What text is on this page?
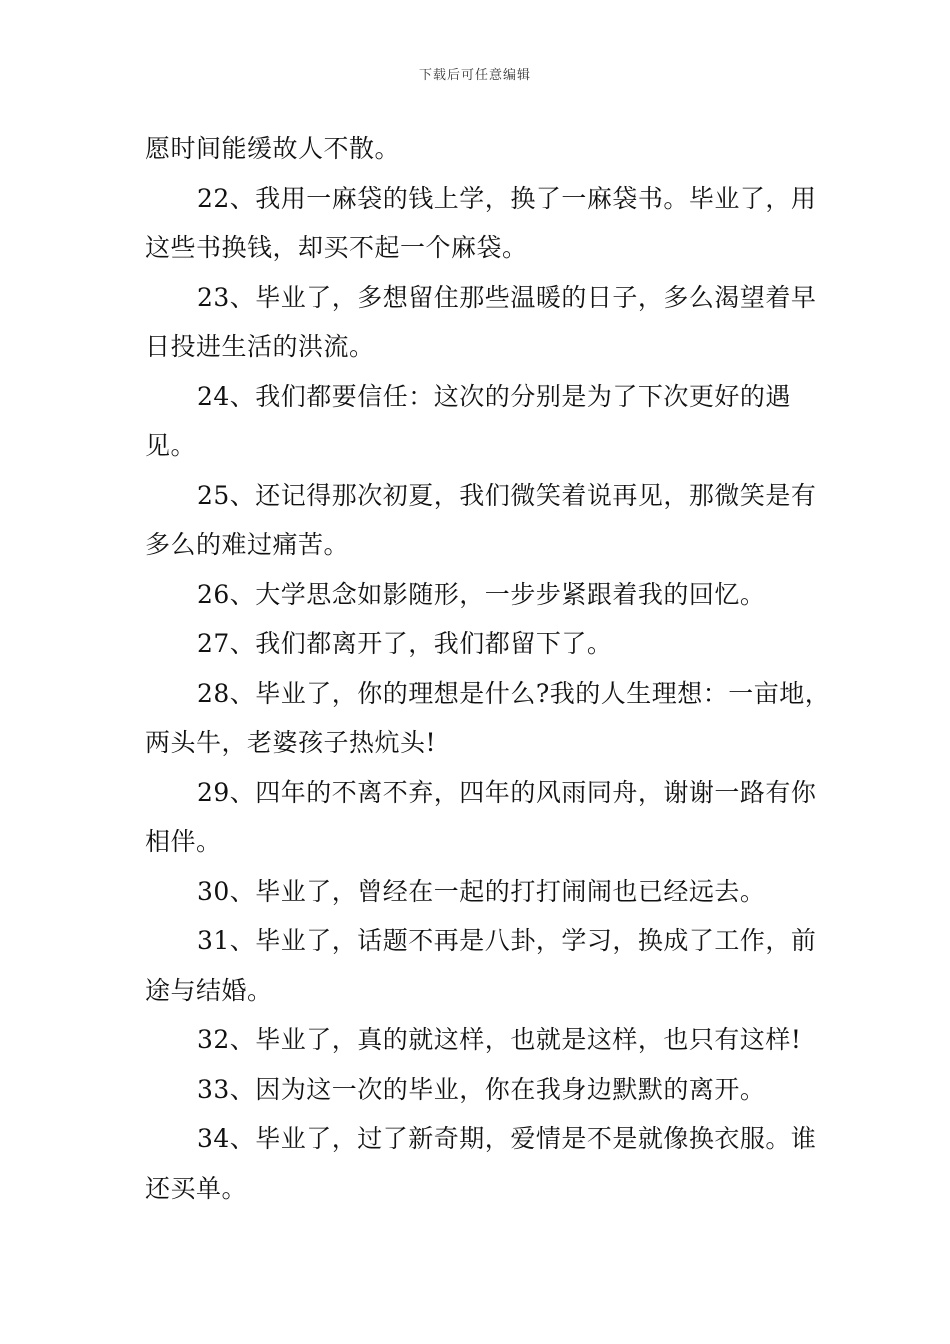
下载后可任意编辑

愿时间能缓故人不散。

22、我用一麻袋的钱上学，换了一麻袋书。毕业了，用这些书换钱，却买不起一个麻袋。

23、毕业了，多想留住那些温暖的日子，多么渴望着早日投进生活的洪流。

24、我们都要信任：这次的分别是为了下次更好的遇见。

25、还记得那次初夏，我们微笑着说再见，那微笑是有多么的难过痛苦。

26、大学思念如影随形，一步步紧跟着我的回忆。

27、我们都离开了，我们都留下了。

28、毕业了，你的理想是什么?我的人生理想：一亩地，两头牛，老婆孩子热炕头!

29、四年的不离不弃，四年的风雨同舟，谢谢一路有你相伴。

30、毕业了，曾经在一起的打打闹闹也已经远去。

31、毕业了，话题不再是八卦，学习，换成了工作，前途与结婚。

32、毕业了，真的就这样，也就是这样，也只有这样!

33、因为这一次的毕业，你在我身边默默的离开。

34、毕业了，过了新奇期，爱情是不是就像换衣服。谁还买单。
